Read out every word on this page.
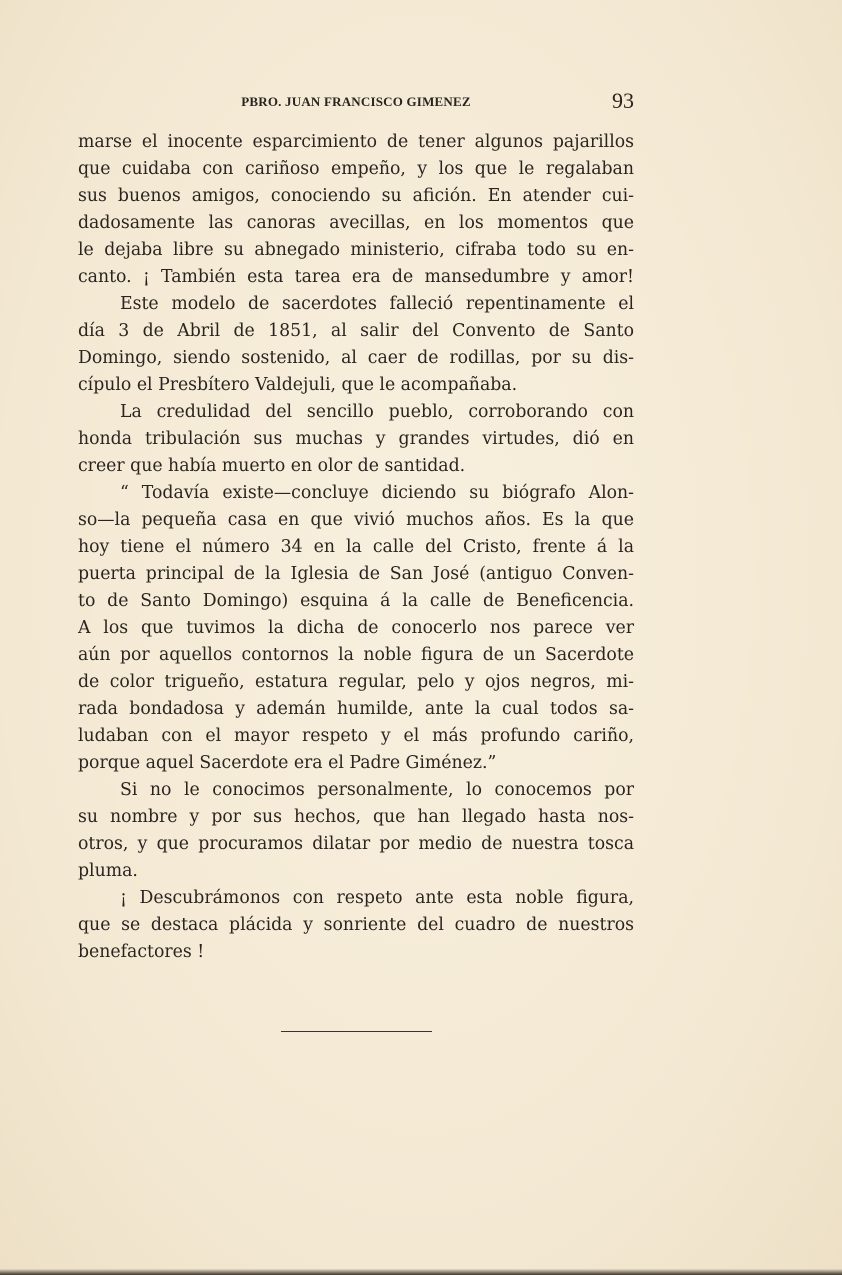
PBRO. JUAN FRANCISCO GIMENEZ	93

marse el inocente esparcimiento de tener algunos pajarillos
que cuidaba con cariñoso empeño, y los que le regalaban
sus buenos amigos, conociendo su afición. En atender cui-
dadosamente las canoras avecillas, en los momentos que
le dejaba libre su abnegado ministerio, cifraba todo su en-
canto. ¡ También esta tarea era de mansedumbre y amor!

Este modelo de sacerdotes falleció repentinamente el
día 3 de Abril de 1851, al salir del Convento de Santo
Domingo, siendo sostenido, al caer de rodillas, por su dis-
cípulo el Presbítero Valdejuli, que le acompañaba.

La credulidad del sencillo pueblo, corroborando con
honda tribulación sus muchas y grandes virtudes, dió en
creer que había muerto en olor de santidad.

“ Todavía existe—concluye diciendo su biógrafo Alon-
so—la pequeña casa en que vivió muchos años. Es la que
hoy tiene el número 34 en la calle del Cristo, frente á la
puerta principal de la Iglesia de San José (antiguo Conven-
to de Santo Domingo) esquina á la calle de Beneficencia.
A los que tuvimos la dicha de conocerlo nos parece ver
aún por aquellos contornos la noble figura de un Sacerdote
de color trigueño, estatura regular, pelo y ojos negros, mi-
rada bondadosa y ademán humilde, ante la cual todos sa-
ludaban con el mayor respeto y el más profundo cariño,
porque aquel Sacerdote era el Padre Giménez.”

Si no le conocimos personalmente, lo conocemos por
su nombre y por sus hechos, que han llegado hasta nos-
otros, y que procuramos dilatar por medio de nuestra tosca
pluma.

¡ Descubrámonos con respeto ante esta noble figura,
que se destaca plácida y sonriente del cuadro de nuestros
benefactores !
